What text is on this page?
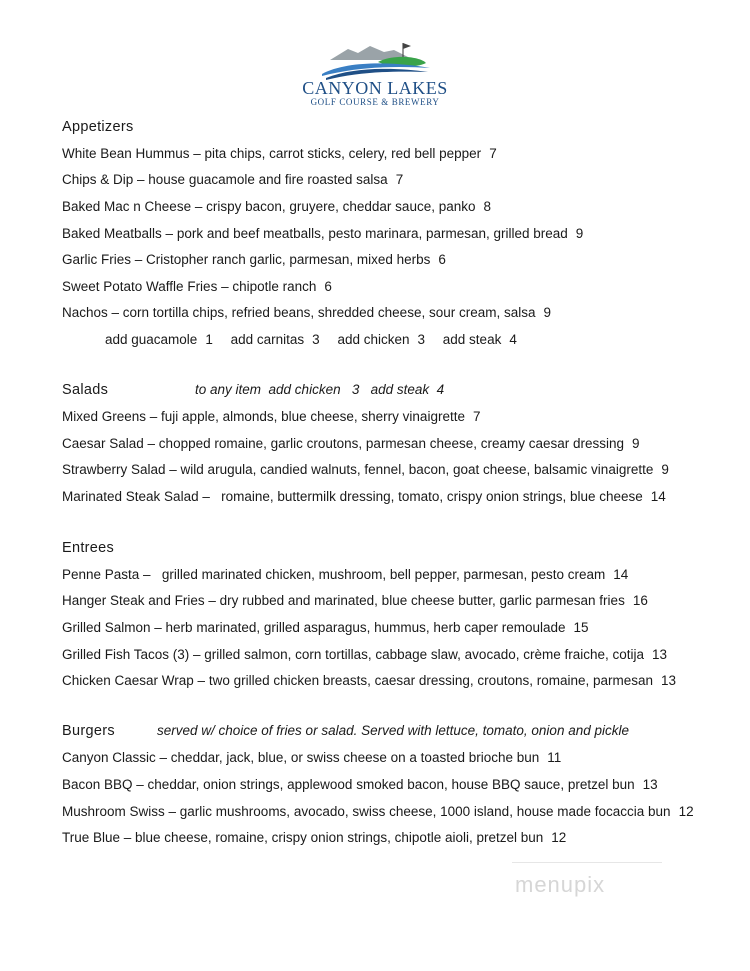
CANYON LAKES
GOLF COURSE & BREWERY
Appetizers
White Bean Hummus – pita chips, carrot sticks, celery, red bell pepper 7
Chips & Dip – house guacamole and fire roasted salsa 7
Baked Mac n Cheese – crispy bacon, gruyere, cheddar sauce, panko 8
Baked Meatballs – pork and beef meatballs, pesto marinara, parmesan, grilled bread 9
Garlic Fries – Cristopher ranch garlic, parmesan, mixed herbs 6
Sweet Potato Waffle Fries – chipotle ranch 6
Nachos – corn tortilla chips, refried beans, shredded cheese, sour cream, salsa 9
add guacamole 1 add carnitas 3 add chicken 3 add steak 4
Salads	to any item  add chicken   3   add steak  4
Mixed Greens – fuji apple, almonds, blue cheese, sherry vinaigrette 7
Caesar Salad – chopped romaine, garlic croutons, parmesan cheese, creamy caesar dressing 9
Strawberry Salad – wild arugula, candied walnuts, fennel, bacon, goat cheese, balsamic vinaigrette 9
Marinated Steak Salad –   romaine, buttermilk dressing, tomato, crispy onion strings, blue cheese 14
Entrees
Penne Pasta –   grilled marinated chicken, mushroom, bell pepper, parmesan, pesto cream 14
Hanger Steak and Fries – dry rubbed and marinated, blue cheese butter, garlic parmesan fries 16
Grilled Salmon – herb marinated, grilled asparagus, hummus, herb caper remoulade 15
Grilled Fish Tacos (3) – grilled salmon, corn tortillas, cabbage slaw, avocado, crème fraiche, cotija 13
Chicken Caesar Wrap – two grilled chicken breasts, caesar dressing, croutons, romaine, parmesan 13
Burgers	served w/ choice of fries or salad. Served with lettuce, tomato, onion and pickle
Canyon Classic – cheddar, jack, blue, or swiss cheese on a toasted brioche bun 11
Bacon BBQ – cheddar, onion strings, applewood smoked bacon, house BBQ sauce, pretzel bun 13
Mushroom Swiss – garlic mushrooms, avocado, swiss cheese, 1000 island, house made focaccia bun 12
True Blue – blue cheese, romaine, crispy onion strings, chipotle aioli, pretzel bun 12
menupix
